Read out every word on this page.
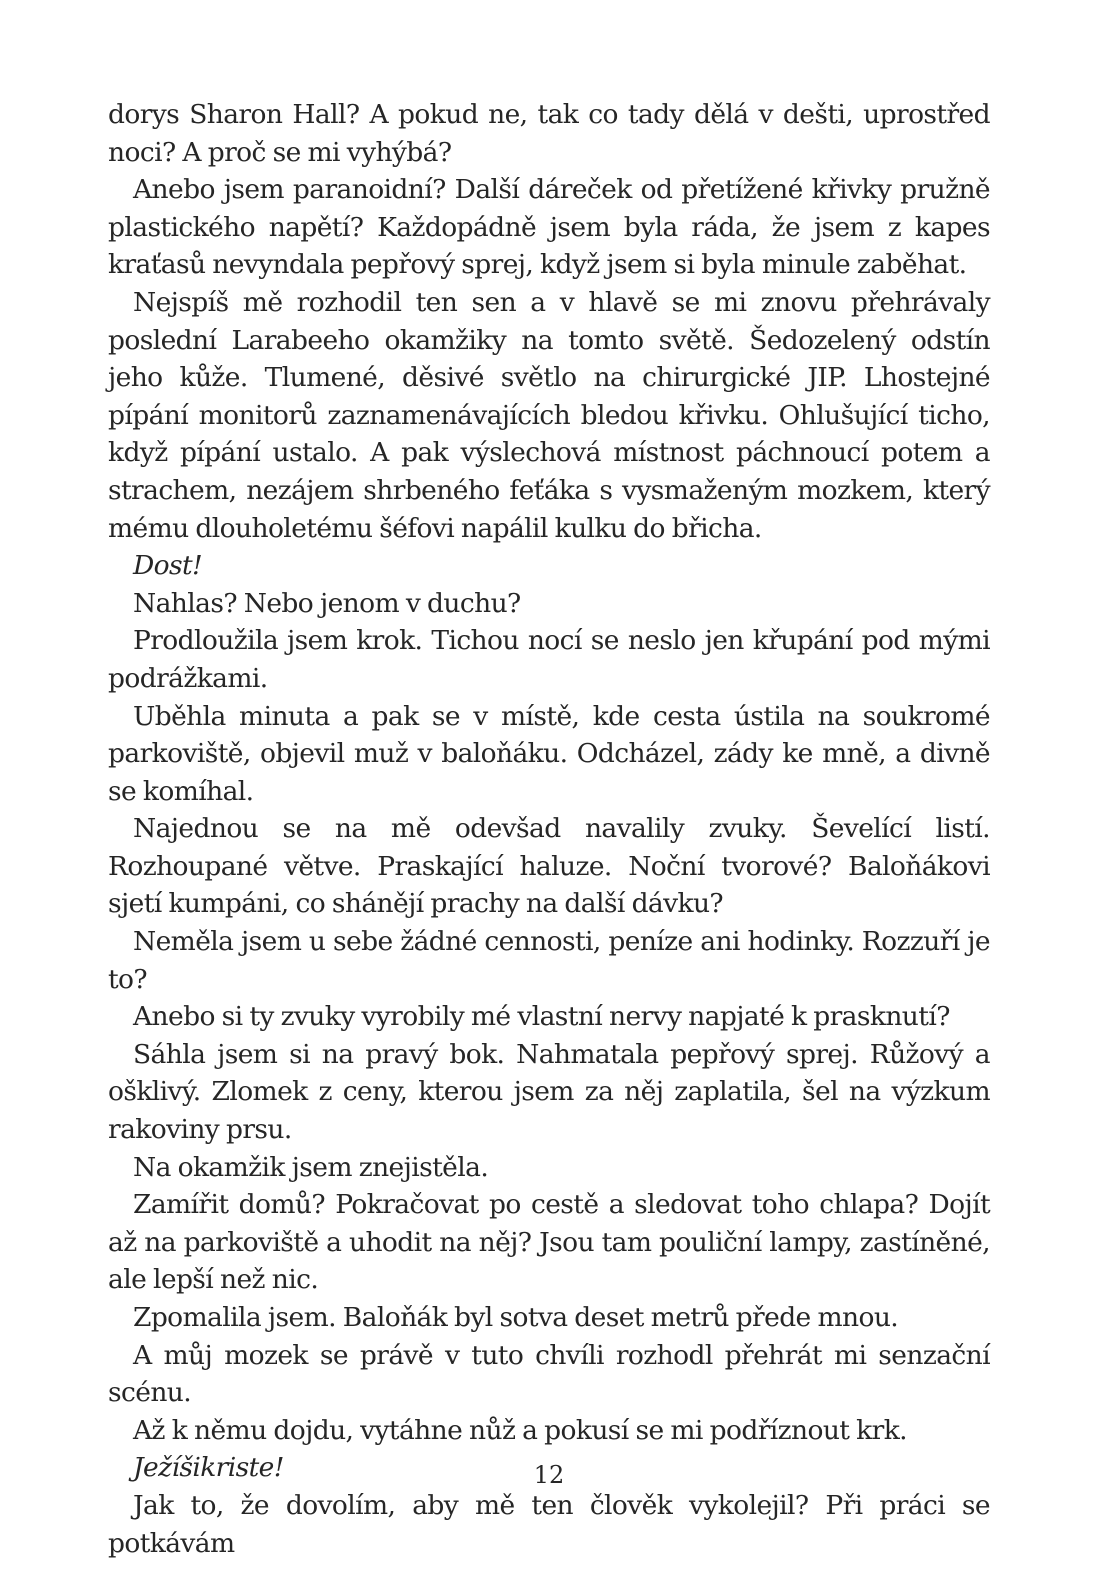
dorys Sharon Hall? A pokud ne, tak co tady dělá v dešti, uprostřed noci? A proč se mi vyhýbá?

Anebo jsem paranoidní? Další dáreček od přetížené křivky pružně plastického napětí? Každopádně jsem byla ráda, že jsem z kapes kraťasů nevyndala pepřový sprej, když jsem si byla minule zaběhat.

Nejspíš mě rozhodil ten sen a v hlavě se mi znovu přehrávaly poslední Larabeeho okamžiky na tomto světě. Šedozelený odstín jeho kůže. Tlumené, děsivé světlo na chirurgické JIP. Lhostejné pípání monitorů zaznamenávajících bledou křivku. Ohlušující ticho, když pípání ustalo. A pak výslechová místnost páchnoucí potem a strachem, nezájem shrbeného feťáka s vysmaženým mozkem, který mému dlouholetému šéfovi napálil kulku do břicha.

Dost!

Nahlas? Nebo jenom v duchu?

Prodloužila jsem krok. Tichou nocí se neslo jen křupání pod mými podrážkami.

Uběhla minuta a pak se v místě, kde cesta ústila na soukromé parkoviště, objevil muž v baloňáku. Odcházel, zády ke mně, a divně se komíhal.

Najednou se na mě odevšad navalily zvuky. Ševelící listí. Rozhoupané větve. Praskající haluze. Noční tvorové? Baloňákovi sjetí kumpáni, co shánějí prachy na další dávku?

Neměla jsem u sebe žádné cennosti, peníze ani hodinky. Rozzuří je to?

Anebo si ty zvuky vyrobily mé vlastní nervy napjaté k prasknutí?

Sáhla jsem si na pravý bok. Nahmatala pepřový sprej. Růžový a ošklivý. Zlomek z ceny, kterou jsem za něj zaplatila, šel na výzkum rakoviny prsu.

Na okamžik jsem znejistěla.

Zamířit domů? Pokračovat po cestě a sledovat toho chlapa? Dojít až na parkoviště a uhodit na něj? Jsou tam pouliční lampy, zastíněné, ale lepší než nic.

Zpomalila jsem. Baloňák byl sotva deset metrů přede mnou.

A můj mozek se právě v tuto chvíli rozhodl přehrát mi senzační scénu.

Až k němu dojdu, vytáhne nůž a pokusí se mi podříznout krk.

Ježíšikriste!

Jak to, že dovolím, aby mě ten člověk vykolejil? Při práci se potkávám

12
